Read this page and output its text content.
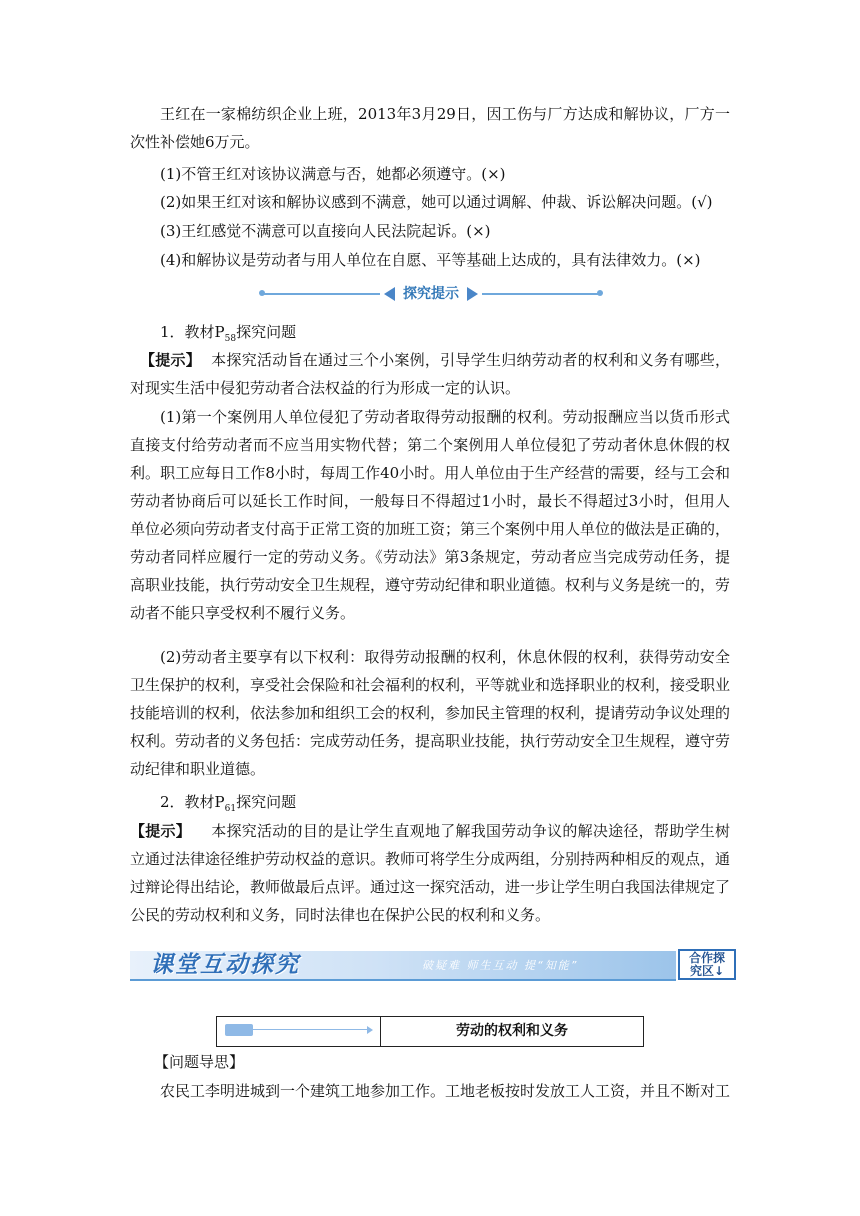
王红在一家棉纺织企业上班，2013年3月29日，因工伤与厂方达成和解协议，厂方一次性补偿她6万元。

(1)不管王红对该协议满意与否，她都必须遵守。(×)
(2)如果王红对该和解协议感到不满意，她可以通过调解、仲裁、诉讼解决问题。(√)
(3)王红感觉不满意可以直接向人民法院起诉。(×)
(4)和解协议是劳动者与用人单位在自愿、平等基础上达成的，具有法律效力。(×)
探究提示
1．教材$P_{58}$探究问题

【提示】 本探究活动旨在通过三个小案例，引导学生归纳劳动者的权利和义务有哪些，对现实生活中侵犯劳动者合法权益的行为形成一定的认识。

(1)第一个案例用人单位侵犯了劳动者取得劳动报酬的权利。劳动报酬应当以货币形式直接支付给劳动者而不应当用实物代替；第二个案例用人单位侵犯了劳动者休息休假的权利。职工应每日工作8小时，每周工作40小时。用人单位由于生产经营的需要，经与工会和劳动者协商后可以延长工作时间，一般每日不得超过1小时，最长不得超过3小时，但用人单位必须向劳动者支付高于正常工资的加班工资；第三个案例中用人单位的做法是正确的，劳动者同样应履行一定的劳动义务。《劳动法》第3条规定，劳动者应当完成劳动任务，提高职业技能，执行劳动安全卫生规程，遵守劳动纪律和职业道德。权利与义务是统一的，劳动者不能只享受权利不履行义务。

(2)劳动者主要享有以下权利：取得劳动报酬的权利，休息休假的权利，获得劳动安全卫生保护的权利，享受社会保险和社会福利的权利，平等就业和选择职业的权利，接受职业技能培训的权利，依法参加和组织工会的权利，参加民主管理的权利，提请劳动争议处理的权利。劳动者的义务包括：完成劳动任务，提高职业技能，执行劳动安全卫生规程，遵守劳动纪律和职业道德。

2．教材$P_{61}$探究问题

【提示】 本探究活动的目的是让学生直观地了解我国劳动争议的解决途径，帮助学生树立通过法律途径维护劳动权益的意识。教师可将学生分成两组，分别持两种相反的观点，通过辩论得出结论，教师做最后点评。通过这一探究活动，进一步让学生明白我国法律规定了公民的劳动权利和义务，同时法律也在保护公民的权利和义务。

课堂互动探究	破疑难 师生互动 提“知能”
合作探
究区↓
劳动的权利和义务
【问题导思】
农民工李明进城到一个建筑工地参加工作。工地老板按时发放工人工资，并且不断对工
